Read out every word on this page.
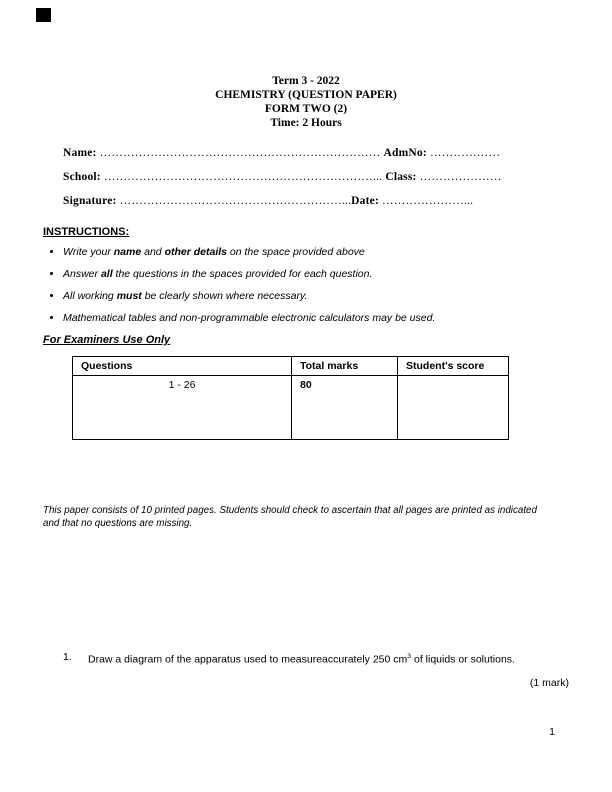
Term 3 - 2022
CHEMISTRY (QUESTION PAPER)
FORM TWO (2)
Time: 2 Hours
Name: ……………………………………………………………… AdmNo: ………………
School: ……………………………………………………………... Class: …………………
Signature: …………………………………………………...Date: …………………...
INSTRUCTIONS:
• Write your name and other details on the space provided above
• Answer all the questions in the spaces provided for each question.
• All working must be clearly shown where necessary.
• Mathematical tables and non-programmable electronic calculators may be used.
For Examiners Use Only
Questions	Total marks	Student's score
1 - 26	80	

This paper consists of 10 printed pages. Students should check to ascertain that all pages are printed as indicated and that no questions are missing.

1.	Draw a diagram of the apparatus used to measureaccurately 250 $cm^3$ of liquids or solutions.
(1 mark)
1
